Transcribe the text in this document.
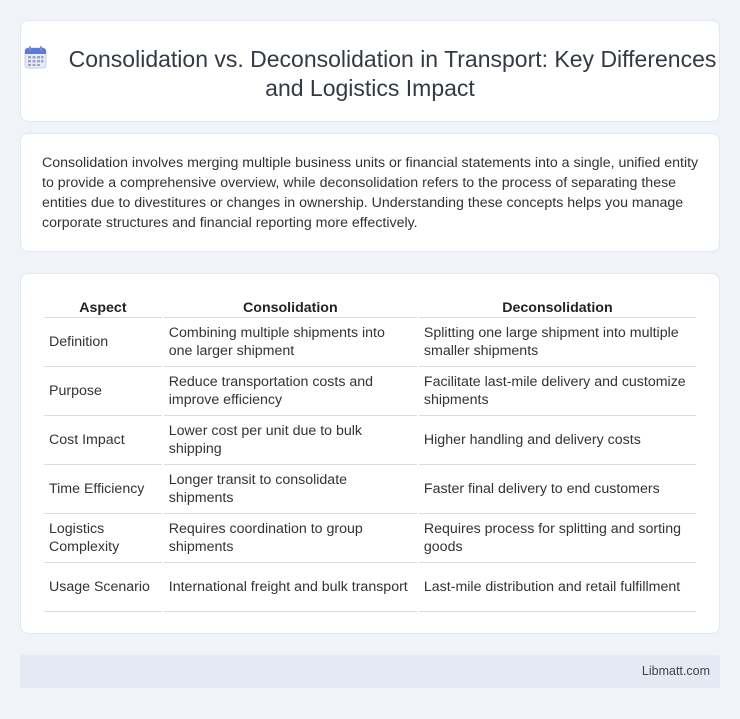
Consolidation vs. Deconsolidation in Transport: Key Differences and Logistics Impact

Consolidation involves merging multiple business units or financial statements into a single, unified entity to provide a comprehensive overview, while deconsolidation refers to the process of separating these entities due to divestitures or changes in ownership. Understanding these concepts helps you manage corporate structures and financial reporting more effectively.

Aspect	Consolidation	Deconsolidation
Definition	Combining multiple shipments into one larger shipment	Splitting one large shipment into multiple smaller shipments
Purpose	Reduce transportation costs and improve efficiency	Facilitate last-mile delivery and customize shipments
Cost Impact	Lower cost per unit due to bulk shipping	Higher handling and delivery costs
Time Efficiency	Longer transit to consolidate shipments	Faster final delivery to end customers
Logistics Complexity	Requires coordination to group shipments	Requires process for splitting and sorting goods
Usage Scenario	International freight and bulk transport	Last-mile distribution and retail fulfillment
Libmatt.com
